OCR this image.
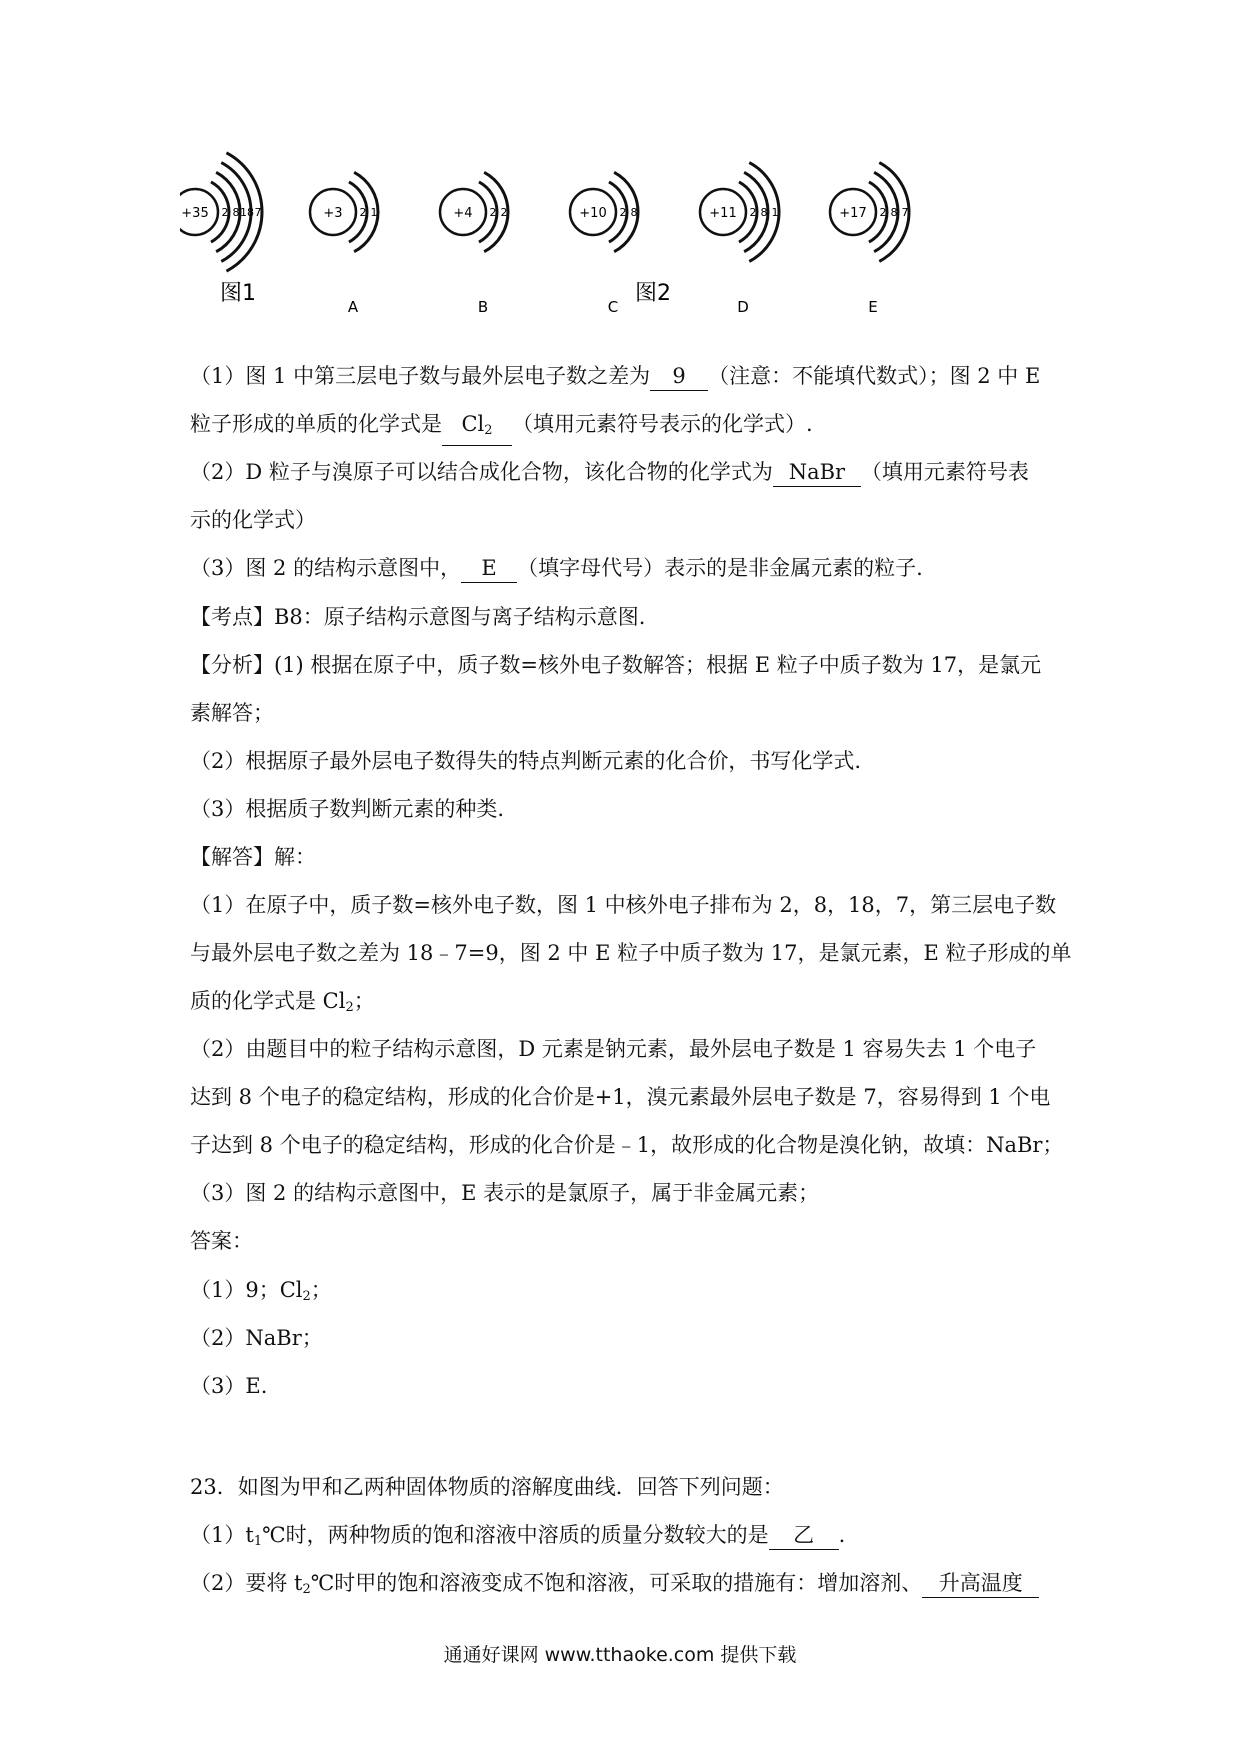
+35 2 8 18 7	+3 2 1
A
+4 2 2
B
+10 2 8
C
+11 2 8 1
D
+17 2 8 7
E
图1	图2
（1）图 1 中第三层电子数与最外层电子数之差为 9 （注意：不能填代数式）；图 2 中 E
粒子形成的单质的化学式是 $Cl_2$ （填用元素符号表示的化学式）.
（2）D 粒子与溴原子可以结合成化合物，该化合物的化学式为 NaBr （填用元素符号表
示的化学式）
（3）图 2 的结构示意图中， E （填字母代号）表示的是非金属元素的粒子.
【考点】B8：原子结构示意图与离子结构示意图.
【分析】(1) 根据在原子中，质子数=核外电子数解答；根据 E 粒子中质子数为 17，是氯元
素解答；
（2）根据原子最外层电子数得失的特点判断元素的化合价，书写化学式.
（3）根据质子数判断元素的种类.
【解答】解：
（1）在原子中，质子数=核外电子数，图 1 中核外电子排布为 2，8，18，7，第三层电子数
与最外层电子数之差为 18﹣7=9，图 2 中 E 粒子中质子数为 17，是氯元素，E 粒子形成的单
质的化学式是 $Cl_2$；
（2）由题目中的粒子结构示意图，D 元素是钠元素，最外层电子数是 1 容易失去 1 个电子
达到 8 个电子的稳定结构，形成的化合价是+1，溴元素最外层电子数是 7，容易得到 1 个电
子达到 8 个电子的稳定结构，形成的化合价是﹣1，故形成的化合物是溴化钠，故填：NaBr；
（3）图 2 的结构示意图中，E 表示的是氯原子，属于非金属元素；
答案：
（1）9；$Cl_2$；
（2）NaBr；
（3）E.
23．如图为甲和乙两种固体物质的溶解度曲线．回答下列问题：
$(1)t_1℃$时，两种物质的饱和溶液中溶质的质量分数较大的是 乙 .
（2）要将 $t_2℃$时甲的饱和溶液变成不饱和溶液，可采取的措施有：增加溶剂、 升高温度
通通好课网 www.tthaoke.com 提供下载
